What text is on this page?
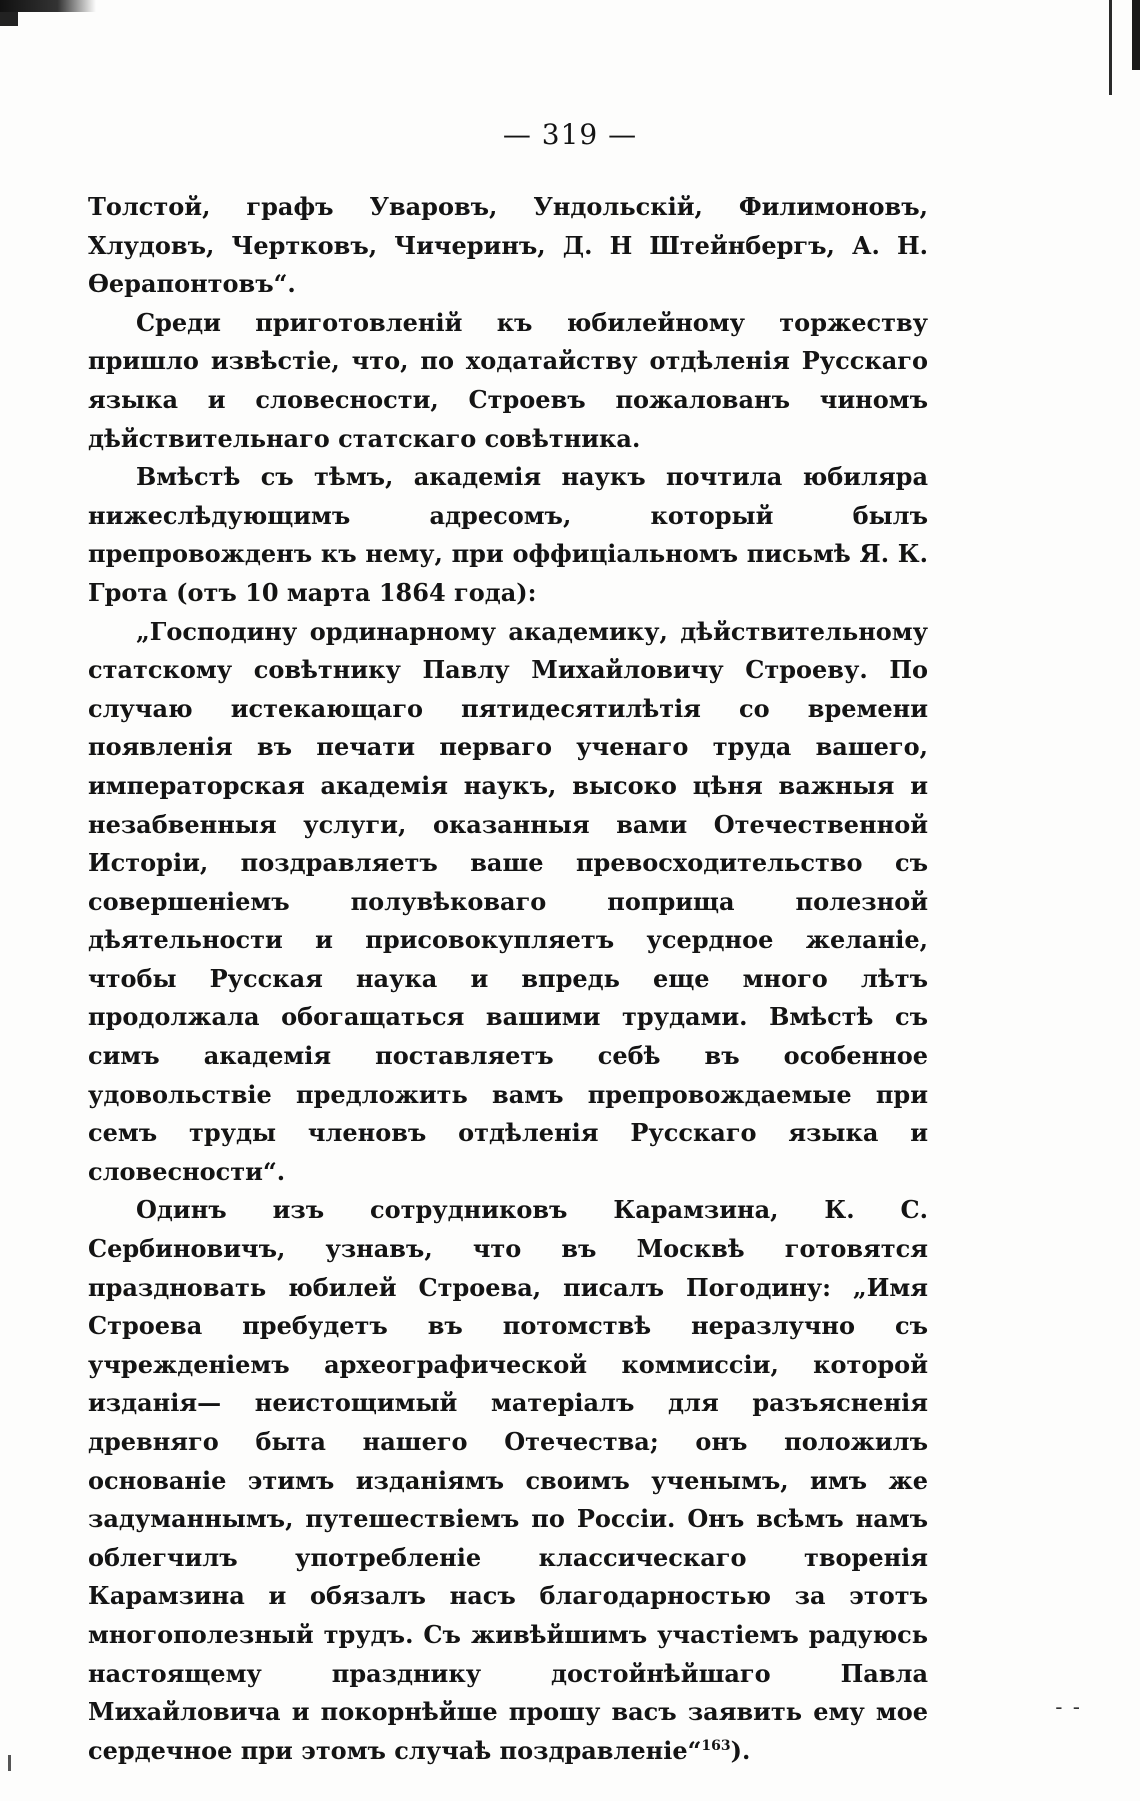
— 319 —

Толстой, графъ Уваровъ, Ундольскій, Филимоновъ, Хлудовъ, Чертковъ, Чичеринъ, Д. Н Штейнбергъ, А. Н. Ѳерапонтовъ“.

Среди приготовленій къ юбилейному торжеству пришло извѣстіе, что, по ходатайству отдѣленія Русскаго языка и словесности, Строевъ пожалованъ чиномъ дѣйствительнаго статскаго совѣтника.

Вмѣстѣ съ тѣмъ, академія наукъ почтила юбиляра нижеслѣдующимъ адресомъ, который былъ препровожденъ къ нему, при оффиціальномъ письмѣ Я. К. Грота (отъ 10 марта 1864 года):

„Господину ординарному академику, дѣйствительному статскому совѣтнику Павлу Михайловичу Строеву. По случаю истекающаго пятидесятилѣтія со времени появленія въ печати перваго ученаго труда вашего, императорская академія наукъ, высоко цѣня важныя и незабвенныя услуги, оказанныя вами Отечественной Исторіи, поздравляетъ ваше превосходительство съ совершеніемъ полувѣковаго поприща полезной дѣятельности и присовокупляетъ усердное желаніе, чтобы Русская наука и впредь еще много лѣтъ продолжала обогащаться вашими трудами. Вмѣстѣ съ симъ академія поставляетъ себѣ въ особенное удовольствіе предложить вамъ препровождаемые при семъ труды членовъ отдѣленія Русскаго языка и словесности“.

Одинъ изъ сотрудниковъ Карамзина, К. С. Сербиновичъ, узнавъ, что въ Москвѣ готовятся праздновать юбилей Строева, писалъ Погодину: „Имя Строева пребудетъ въ потомствѣ неразлучно съ учрежденіемъ археографической коммиссіи, которой изданія— неистощимый матеріалъ для разъясненія древняго быта нашего Отечества; онъ положилъ основаніе этимъ изданіямъ своимъ ученымъ, имъ же задуманнымъ, путешествіемъ по Россіи. Онъ всѣмъ намъ облегчилъ употребленіе классическаго творенія Карамзина и обязалъ насъ благодарностью за этотъ многополезный трудъ. Съ живѣйшимъ участіемъ радуюсь настоящему празднику достойнѣйшаго Павла Михайловича и покорнѣйше прошу васъ заявить ему мое сердечное при этомъ случаѣ поздравленіе“$^{163}$).

- -
